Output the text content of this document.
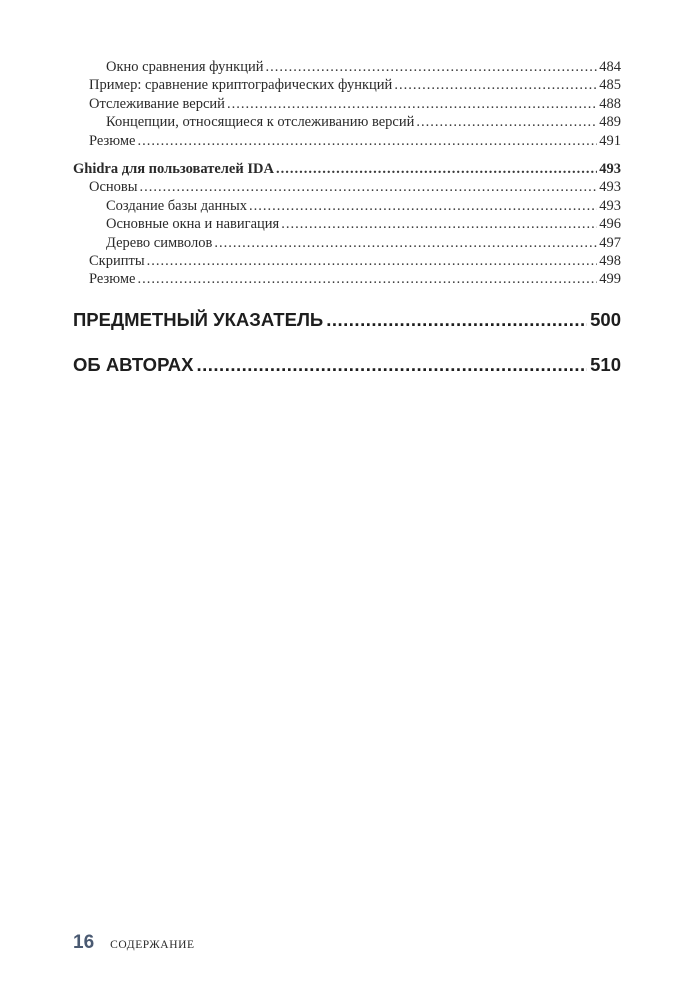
Окно сравнения функций .....	484
Пример: сравнение криптографических функций .....	485
Отслеживание версий .....	488
Концепции, относящиеся к отслеживанию версий .....	489
Резюме .....	491
Ghidra для пользователей IDA .....	493
Основы .....	493
Создание базы данных .....	493
Основные окна и навигация .....	496
Дерево символов .....	497
Скрипты .....	498
Резюме .....	499
ПРЕДМЕТНЫЙ УКАЗАТЕЛЬ .....	500
ОБ АВТОРАХ .....	510
16 СОДЕРЖАНИЕ
